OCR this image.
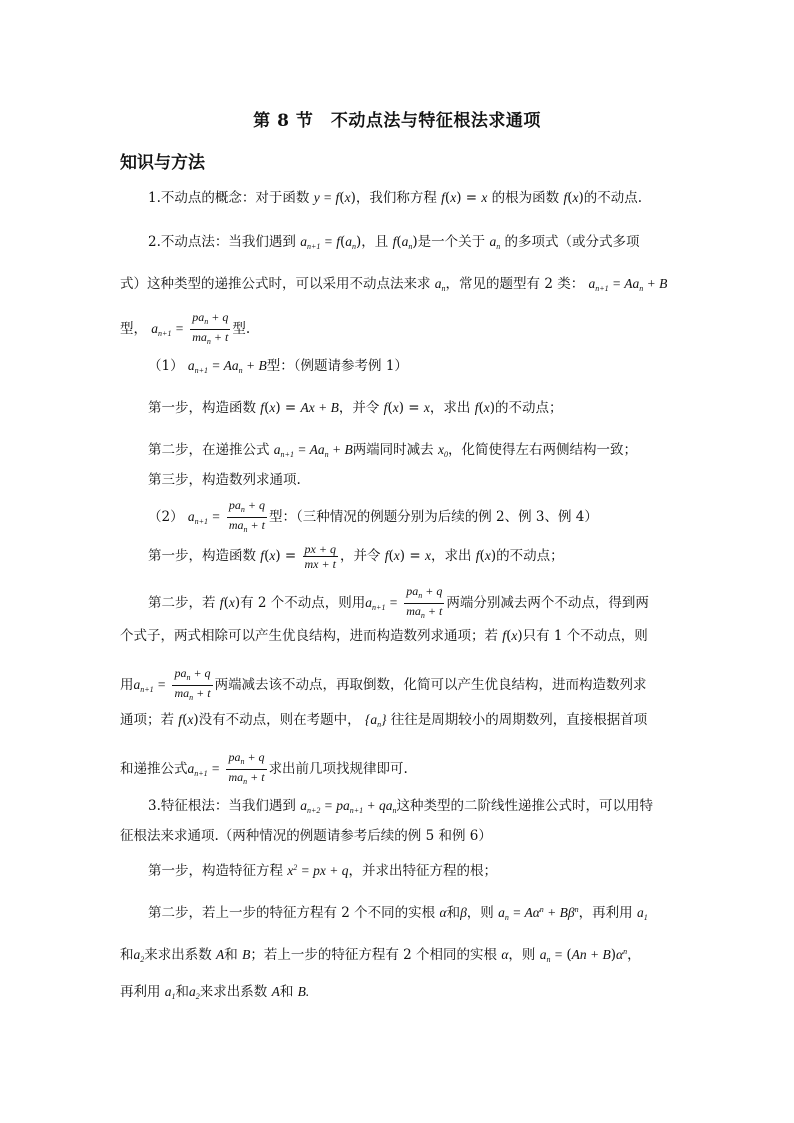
第 8 节　不动点法与特征根法求通项
知识与方法
1.不动点的概念：对于函数 y = f(x)，我们称方程 f(x) = x 的根为函数 f(x)的不动点.
2.不动点法：当我们遇到 $a_{n+1} = f(a_n)$，且 $f(a_n)$是一个关于 $a_n$ 的多项式（或分式多项
式）这种类型的递推公式时，可以采用不动点法来求 $a_n$，常见的题型有 2 类： $a_{n+1} = Aa_n + B$
型， $a_{n+1}$ =
$pa_n + q$
$ma_n + t$ 型.
（1） $a_{n+1} = Aa_n + B$型：（例题请参考例 1）
第一步，构造函数 f(x) = Ax + B，并令 f(x) = x，求出 f(x)的不动点；
第二步，在递推公式 $a_{n+1} = Aa_n + B$两端同时减去 $x_0$，化简使得左右两侧结构一致；
第三步，构造数列求通项.
（2） $a_{n+1}$ =
$pa_n + q$
$ma_n + t$ 型：（三种情况的例题分别为后续的例 2、例 3、例 4）
第一步，构造函数 $f(x) = \frac{px + q}{mx + t}$ ，并令 f(x) = x，求出 f(x)的不动点；
第二步，若 f(x)有 2 个不动点，则用$a_{n+1}$ =
$pa_n + q$
$ma_n + t$ 两端分别减去两个不动点，得到两
个式子，两式相除可以产生优良结构，进而构造数列求通项；若 f(x)只有 1 个不动点，则
用$a_{n+1}$ =
$pa_n + q$
$ma_n + t$ 两端减去该不动点，再取倒数，化简可以产生优良结构，进而构造数列求
通项；若 f(x)没有不动点，则在考题中， $\{a_n\}$ 往往是周期较小的周期数列，直接根据首项
和递推公式$a_{n+1}$ =
$pa_n + q$
$ma_n + t$ 求出前几项找规律即可.
3.特征根法：当我们遇到 $a_{n+2} = pa_{n+1} + qa_n$这种类型的二阶线性递推公式时，可以用特
征根法来求通项.（两种情况的例题请参考后续的例 5 和例 6）
第一步，构造特征方程 $x^2$ = px + q，并求出特征方程的根；
第二步，若上一步的特征方程有 2 个不同的实根 α和β，则 $a_n = A\alpha^n + B\beta^n$，再利用 $a_1$
和$a_2$来求出系数 A和 B；若上一步的特征方程有 2 个相同的实根 α，则 $a_n = (An + B)\alpha^n$，
再利用 $a_1$和$a_2$来求出系数 A和 B.
